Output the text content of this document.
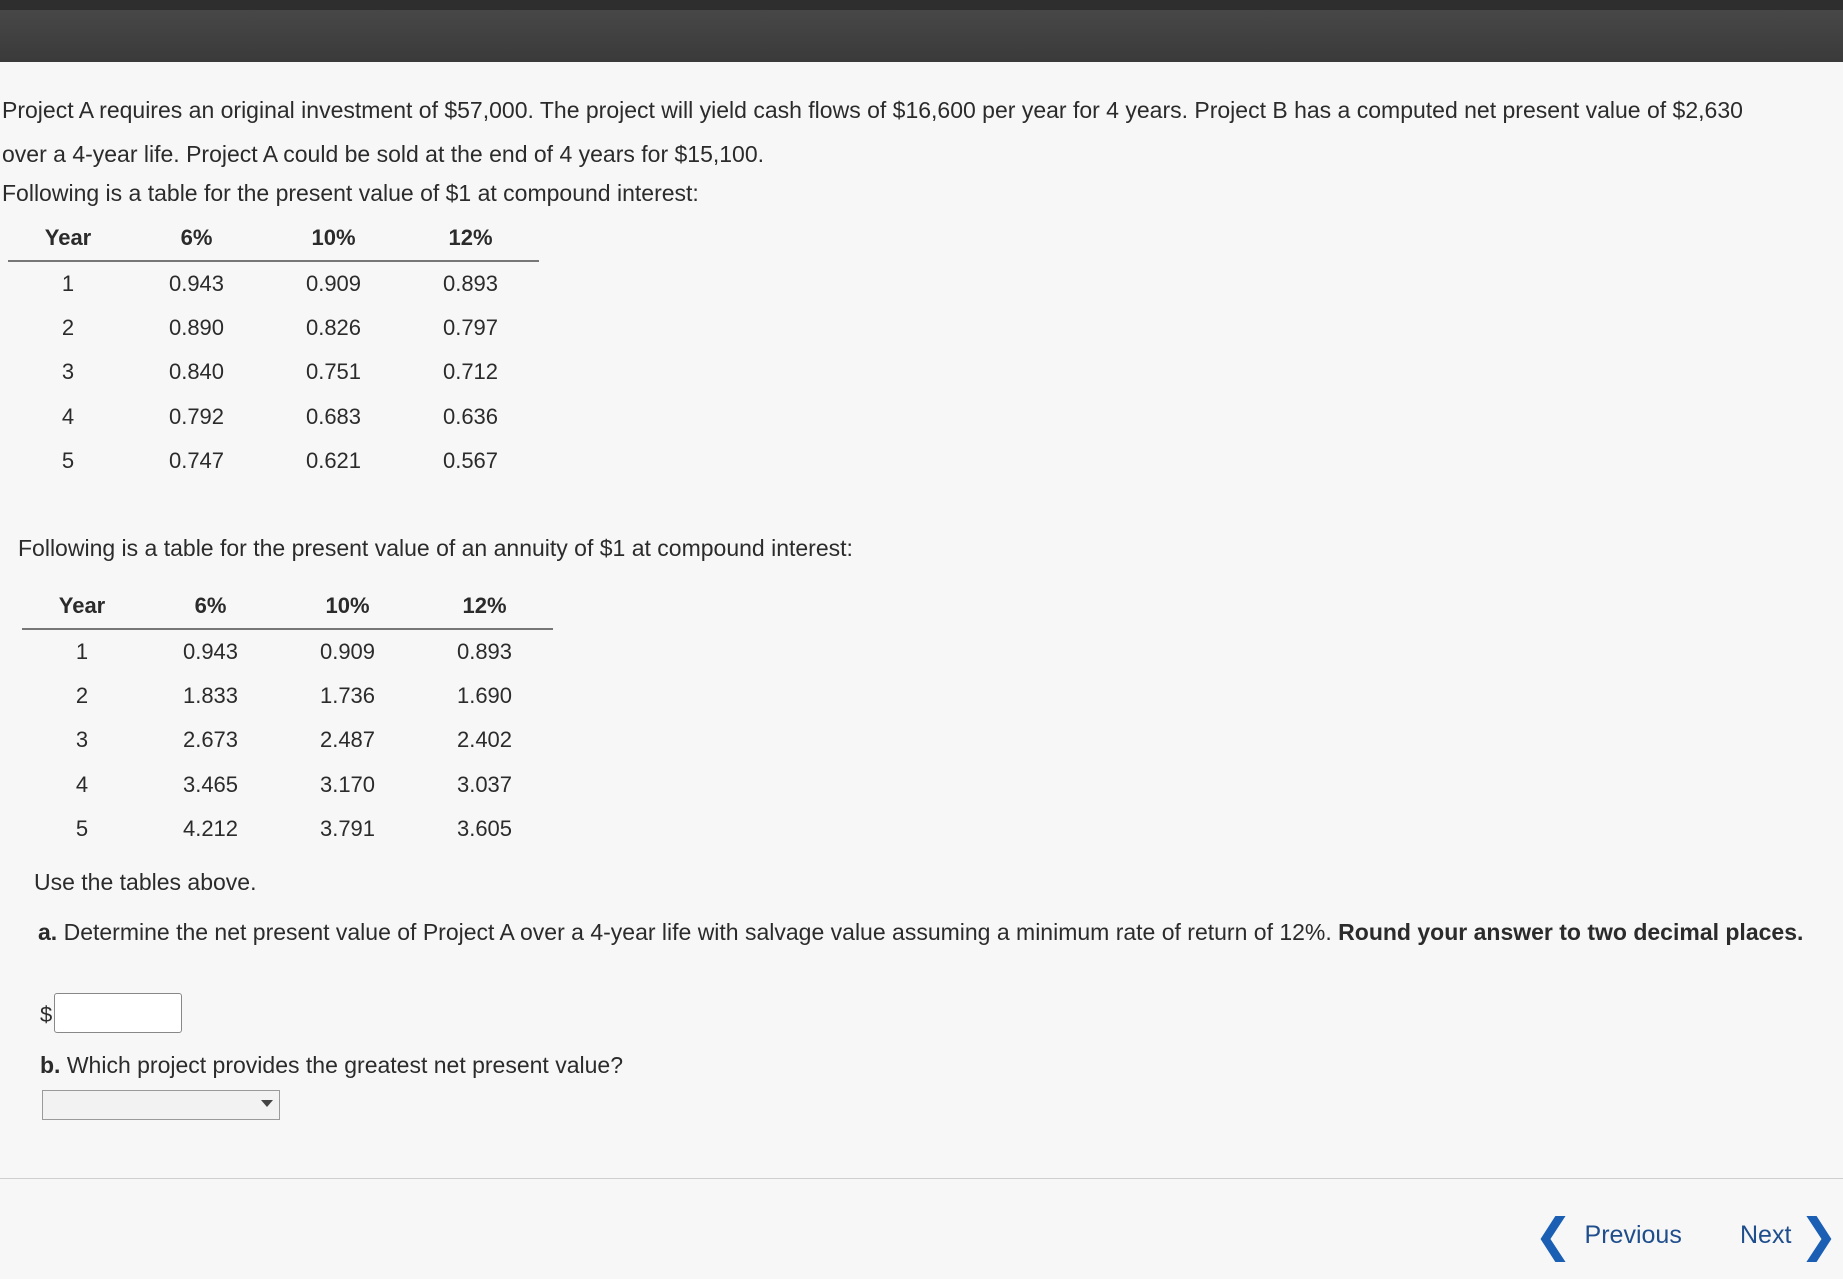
Project A requires an original investment of $57,000. The project will yield cash flows of $16,600 per year for 4 years. Project B has a computed net present value of $2,630 over a 4-year life. Project A could be sold at the end of 4 years for $15,100.

Following is a table for the present value of $1 at compound interest:

Year	6%	10%	12%
1	0.943	0.909	0.893
2	0.890	0.826	0.797
3	0.840	0.751	0.712
4	0.792	0.683	0.636
5	0.747	0.621	0.567

Following is a table for the present value of an annuity of $1 at compound interest:

Year	6%	10%	12%
1	0.943	0.909	0.893
2	1.833	1.736	1.690
3	2.673	2.487	2.402
4	3.465	3.170	3.037
5	4.212	3.791	3.605

Use the tables above.

a. Determine the net present value of Project A over a 4-year life with salvage value assuming a minimum rate of return of 12%. Round your answer to two decimal places.

$

b. Which project provides the greatest net present value?

❮ Previous Next ❯
